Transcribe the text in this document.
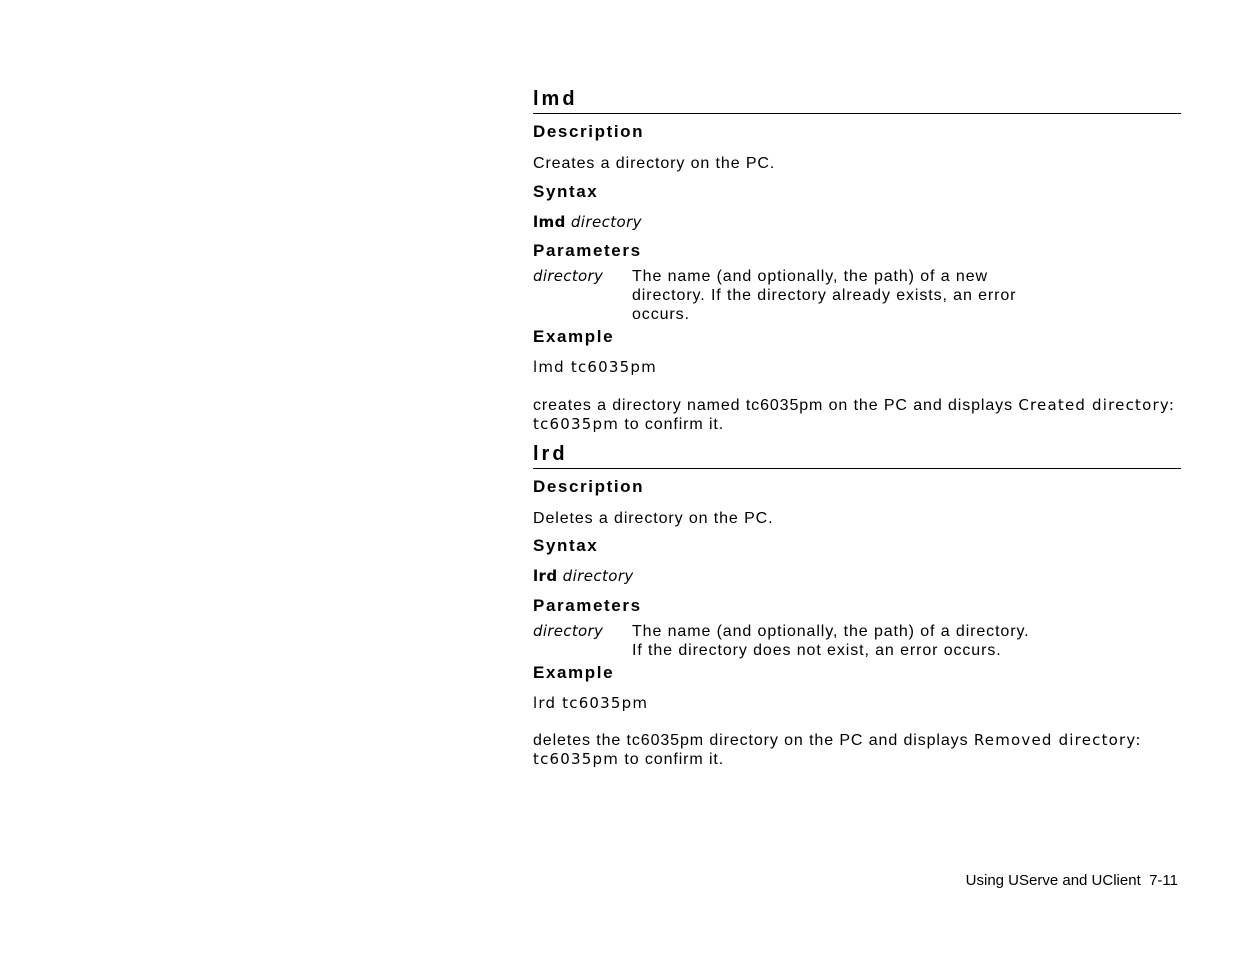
lmd
Description

Creates a directory on the PC.

Syntax

lmd directory

Parameters
directory	The name (and optionally, the path) of a new
directory. If the directory already exists, an error
occurs.
Example

lmd tc6035pm

creates a directory named tc6035pm on the PC and displays Created directory: tc6035pm to confirm it.

lrd
Description

Deletes a directory on the PC.

Syntax

lrd directory

Parameters
directory	The name (and optionally, the path) of a directory.
If the directory does not exist, an error occurs.
Example

lrd tc6035pm

deletes the tc6035pm directory on the PC and displays Removed directory: tc6035pm to confirm it.

Using UServe and UClient 7-11
